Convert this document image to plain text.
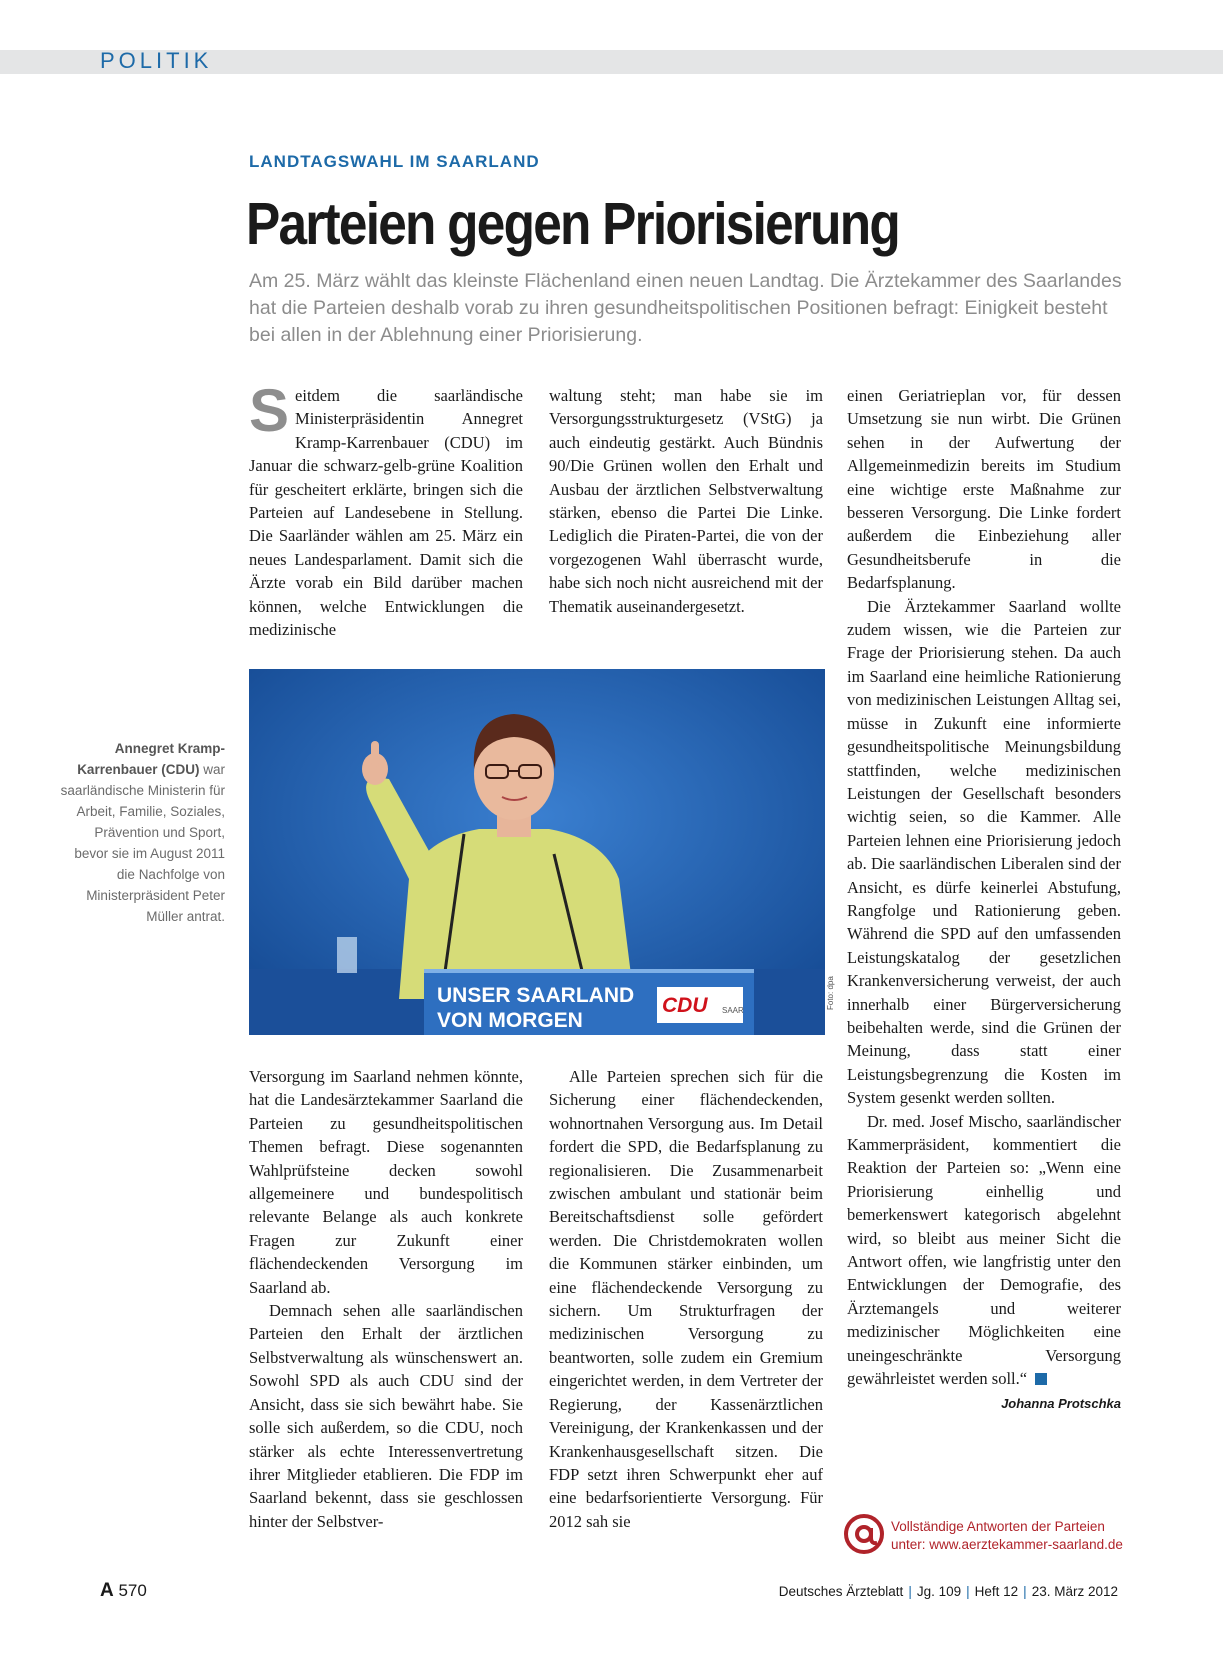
POLITIK
LANDTAGSWAHL IM SAARLAND
Parteien gegen Priorisierung
Am 25. März wählt das kleinste Flächenland einen neuen Landtag. Die Ärztekammer des Saarlandes hat die Parteien deshalb vorab zu ihren gesundheitspolitischen Positionen befragt: Einigkeit besteht bei allen in der Ablehnung einer Priorisierung.

Seitdem die saarländische Ministerpräsidentin Annegret Kramp-Karrenbauer (CDU) im Januar die schwarz-gelb-grüne Koalition für gescheitert erklärte, bringen sich die Parteien auf Landesebene in Stellung. Die Saarländer wählen am 25. März ein neues Landesparlament. Damit sich die Ärzte vorab ein Bild darüber machen können, welche Entwicklungen die medizinische

waltung steht; man habe sie im Versorgungsstrukturgesetz (VStG) ja auch eindeutig gestärkt. Auch Bündnis 90/Die Grünen wollen den Erhalt und Ausbau der ärztlichen Selbstverwaltung stärken, ebenso die Partei Die Linke. Lediglich die Piraten-Partei, die von der vorgezogenen Wahl überrascht wurde, habe sich noch nicht ausreichend mit der Thematik auseinandergesetzt.

UNSER SAARLAND
VON MORGEN
CDU SAAR
Foto: dpa
Annegret Kramp-Karrenbauer (CDU) war saarländische Ministerin für Arbeit, Familie, Soziales, Prävention und Sport, bevor sie im August 2011 die Nachfolge von Ministerpräsident Peter Müller antrat.

Versorgung im Saarland nehmen könnte, hat die Landesärztekammer Saarland die Parteien zu gesundheitspolitischen Themen befragt. Diese sogenannten Wahlprüfsteine decken sowohl allgemeinere und bundespolitisch relevante Belange als auch konkrete Fragen zur Zukunft einer flächendeckenden Versorgung im Saarland ab.

Demnach sehen alle saarländischen Parteien den Erhalt der ärztlichen Selbstverwaltung als wünschenswert an. Sowohl SPD als auch CDU sind der Ansicht, dass sie sich bewährt habe. Sie solle sich außerdem, so die CDU, noch stärker als echte Interessenvertretung ihrer Mitglieder etablieren. Die FDP im Saarland bekennt, dass sie geschlossen hinter der Selbstver-

Alle Parteien sprechen sich für die Sicherung einer flächendeckenden, wohnortnahen Versorgung aus. Im Detail fordert die SPD, die Bedarfsplanung zu regionalisieren. Die Zusammenarbeit zwischen ambulant und stationär beim Bereitschaftsdienst solle gefördert werden. Die Christdemokraten wollen die Kommunen stärker einbinden, um eine flächendeckende Versorgung zu sichern. Um Strukturfragen der medizinischen Versorgung zu beantworten, solle zudem ein Gremium eingerichtet werden, in dem Vertreter der Regierung, der Kassenärztlichen Vereinigung, der Krankenkassen und der Krankenhausgesellschaft sitzen. Die FDP setzt ihren Schwerpunkt eher auf eine bedarfsorientierte Versorgung. Für 2012 sah sie

einen Geriatrieplan vor, für dessen Umsetzung sie nun wirbt. Die Grünen sehen in der Aufwertung der Allgemeinmedizin bereits im Studium eine wichtige erste Maßnahme zur besseren Versorgung. Die Linke fordert außerdem die Einbeziehung aller Gesundheitsberufe in die Bedarfsplanung.

Die Ärztekammer Saarland wollte zudem wissen, wie die Parteien zur Frage der Priorisierung stehen. Da auch im Saarland eine heimliche Rationierung von medizinischen Leistungen Alltag sei, müsse in Zukunft eine informierte gesundheitspolitische Meinungsbildung stattfinden, welche medizinischen Leistungen der Gesellschaft besonders wichtig seien, so die Kammer. Alle Parteien lehnen eine Priorisierung jedoch ab. Die saarländischen Liberalen sind der Ansicht, es dürfe keinerlei Abstufung, Rangfolge und Rationierung geben. Während die SPD auf den umfassenden Leistungskatalog der gesetzlichen Krankenversicherung verweist, der auch innerhalb einer Bürgerversicherung beibehalten werde, sind die Grünen der Meinung, dass statt einer Leistungsbegrenzung die Kosten im System gesenkt werden sollten.

Dr. med. Josef Mischo, saarländischer Kammerpräsident, kommentiert die Reaktion der Parteien so: „Wenn eine Priorisierung einhellig und bemerkenswert kategorisch abgelehnt wird, so bleibt aus meiner Sicht die Antwort offen, wie langfristig unter den Entwicklungen der Demografie, des Ärztemangels und weiterer medizinischer Möglichkeiten eine uneingeschränkte Versorgung gewährleistet werden soll.“

Johanna Protschka
Vollständige Antworten der Parteien
unter: www.aerztekammer-saarland.de
A 570	Deutsches Ärzteblatt | Jg. 109 | Heft 12 | 23. März 2012
